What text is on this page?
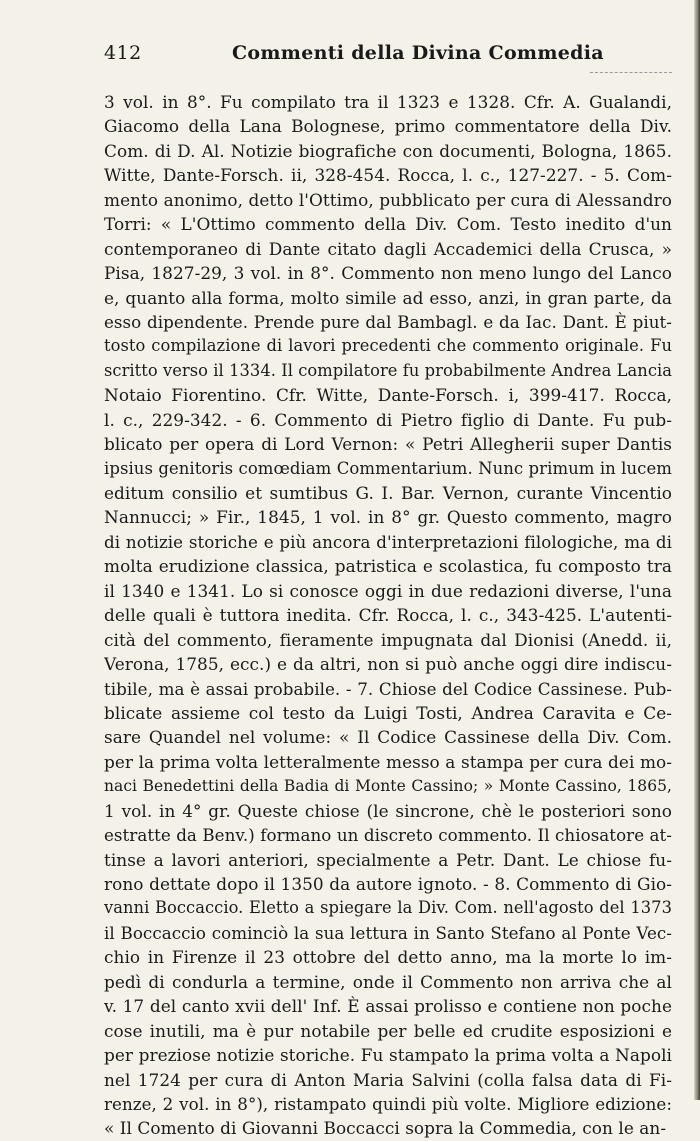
412	Commenti della Divina Commedia
3 vol. in 8°. Fu compilato tra il 1323 e 1328. Cfr. A. Gualandi,
Giacomo della Lana Bolognese, primo commentatore della Div.
Com. di D. Al. Notizie biografiche con documenti, Bologna, 1865.
Witte, Dante-Forsch. ii, 328-454. Rocca, l. c., 127-227. - 5. Com-
mento anonimo, detto l'Ottimo, pubblicato per cura di Alessandro
Torri: « L'Ottimo commento della Div. Com. Testo inedito d'un
contemporaneo di Dante citato dagli Accademici della Crusca, »
Pisa, 1827-29, 3 vol. in 8°. Commento non meno lungo del Lanco
e, quanto alla forma, molto simile ad esso, anzi, in gran parte, da
esso dipendente. Prende pure dal Bambagl. e da Iac. Dant. È piut-
tosto compilazione di lavori precedenti che commento originale. Fu
scritto verso il 1334. Il compilatore fu probabilmente Andrea Lancia
Notaio Fiorentino. Cfr. Witte, Dante-Forsch. i, 399-417. Rocca,
l. c., 229-342. - 6. Commento di Pietro figlio di Dante. Fu pub-
blicato per opera di Lord Vernon: « Petri Allegherii super Dantis
ipsius genitoris comœdiam Commentarium. Nunc primum in lucem
editum consilio et sumtibus G. I. Bar. Vernon, curante Vincentio
Nannucci; » Fir., 1845, 1 vol. in 8° gr. Questo commento, magro
di notizie storiche e più ancora d'interpretazioni filologiche, ma di
molta erudizione classica, patristica e scolastica, fu composto tra
il 1340 e 1341. Lo si conosce oggi in due redazioni diverse, l'una
delle quali è tuttora inedita. Cfr. Rocca, l. c., 343-425. L'autenti-
cità del commento, fieramente impugnata dal Dionisi (Anedd. ii,
Verona, 1785, ecc.) e da altri, non si può anche oggi dire indiscu-
tibile, ma è assai probabile. - 7. Chiose del Codice Cassinese. Pub-
blicate assieme col testo da Luigi Tosti, Andrea Caravita e Ce-
sare Quandel nel volume: « Il Codice Cassinese della Div. Com.
per la prima volta letteralmente messo a stampa per cura dei mo-
naci Benedettini della Badia di Monte Cassino; » Monte Cassino, 1865,
1 vol. in 4° gr. Queste chiose (le sincrone, chè le posteriori sono
estratte da Benv.) formano un discreto commento. Il chiosatore at-
tinse a lavori anteriori, specialmente a Petr. Dant. Le chiose fu-
rono dettate dopo il 1350 da autore ignoto. - 8. Commento di Gio-
vanni Boccaccio. Eletto a spiegare la Div. Com. nell'agosto del 1373
il Boccaccio cominciò la sua lettura in Santo Stefano al Ponte Vec-
chio in Firenze il 23 ottobre del detto anno, ma la morte lo im-
pedì di condurla a termine, onde il Commento non arriva che al
v. 17 del canto xvii dell' Inf. È assai prolisso e contiene non poche
cose inutili, ma è pur notabile per belle ed crudite esposizioni e
per preziose notizie storiche. Fu stampato la prima volta a Napoli
nel 1724 per cura di Anton Maria Salvini (colla falsa data di Fi-
renze, 2 vol. in 8°), ristampato quindi più volte. Migliore edizione:
« Il Comento di Giovanni Boccacci sopra la Commedia, con le an-
